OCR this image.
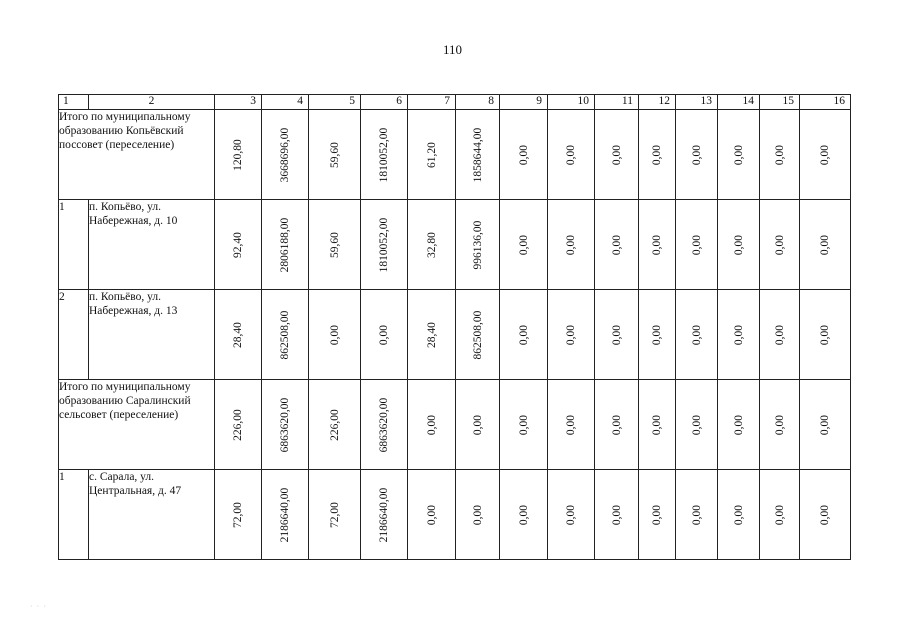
110
1	2	3	4	5	6	7	8	9	10	11	12	13	14	15	16
Итого по муниципальному образованию Копьёвский поссовет (переселение)		120,80	3668696,00	59,60	1810052,00	61,20	1858644,00	0,00	0,00	0,00	0,00	0,00	0,00	0,00	0,00

1	п. Копьёво, ул. Набережная, д. 10	92,40	2806188,00	59,60	1810052,00	32,80	996136,00	0,00	0,00	0,00	0,00	0,00	0,00	0,00	0,00

2	п. Копьёво, ул. Набережная, д. 13	28,40	862508,00	0,00	0,00	28,40	862508,00	0,00	0,00	0,00	0,00	0,00	0,00	0,00	0,00

Итого по муниципальному образованию Саралинский сельсовет (переселение)		226,00	6863620,00	226,00	6863620,00	0,00	0,00	0,00	0,00	0,00	0,00	0,00	0,00	0,00	0,00

1	с. Сарала, ул. Центральная, д. 47	72,00	2186640,00	72,00	2186640,00	0,00	0,00	0,00	0,00	0,00	0,00	0,00	0,00	0,00	0,00
· · ·
